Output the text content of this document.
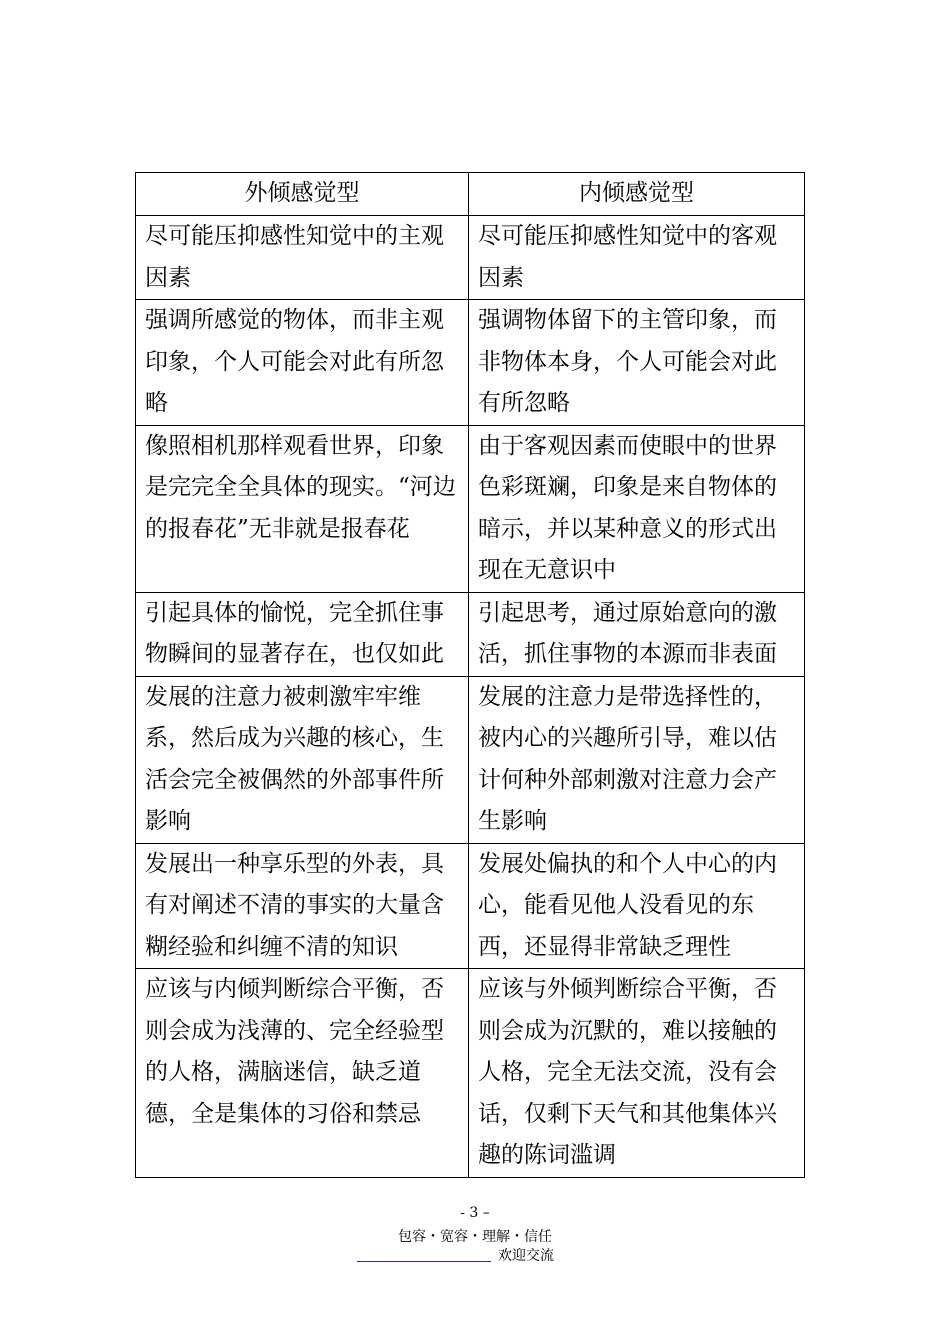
外倾感觉型	内倾感觉型
尽可能压抑感性知觉中的主观因素	尽可能压抑感性知觉中的客观因素
强调所感觉的物体，而非主观印象，个人可能会对此有所忽略	强调物体留下的主管印象，而非物体本身，个人可能会对此有所忽略
像照相机那样观看世界，印象是完完全全具体的现实。“河边的报春花”无非就是报春花	由于客观因素而使眼中的世界色彩斑斓，印象是来自物体的暗示，并以某种意义的形式出现在无意识中
引起具体的愉悦，完全抓住事物瞬间的显著存在，也仅如此	引起思考，通过原始意向的激活，抓住事物的本源而非表面
发展的注意力被刺激牢牢维系，然后成为兴趣的核心，生活会完全被偶然的外部事件所影响	发展的注意力是带选择性的，被内心的兴趣所引导，难以估计何种外部刺激对注意力会产生影响
发展出一种享乐型的外表，具有对阐述不清的事实的大量含糊经验和纠缠不清的知识	发展处偏执的和个人中心的内心，能看见他人没看见的东西，还显得非常缺乏理性
应该与内倾判断综合平衡，否则会成为浅薄的、完全经验型的人格，满脑迷信，缺乏道德，全是集体的习俗和禁忌	应该与外倾判断综合平衡，否则会成为沉默的，难以接触的人格，完全无法交流，没有会话，仅剩下天气和其他集体兴趣的陈词滥调
- 3 –
包容・宽容・理解・信任
欢迎交流
